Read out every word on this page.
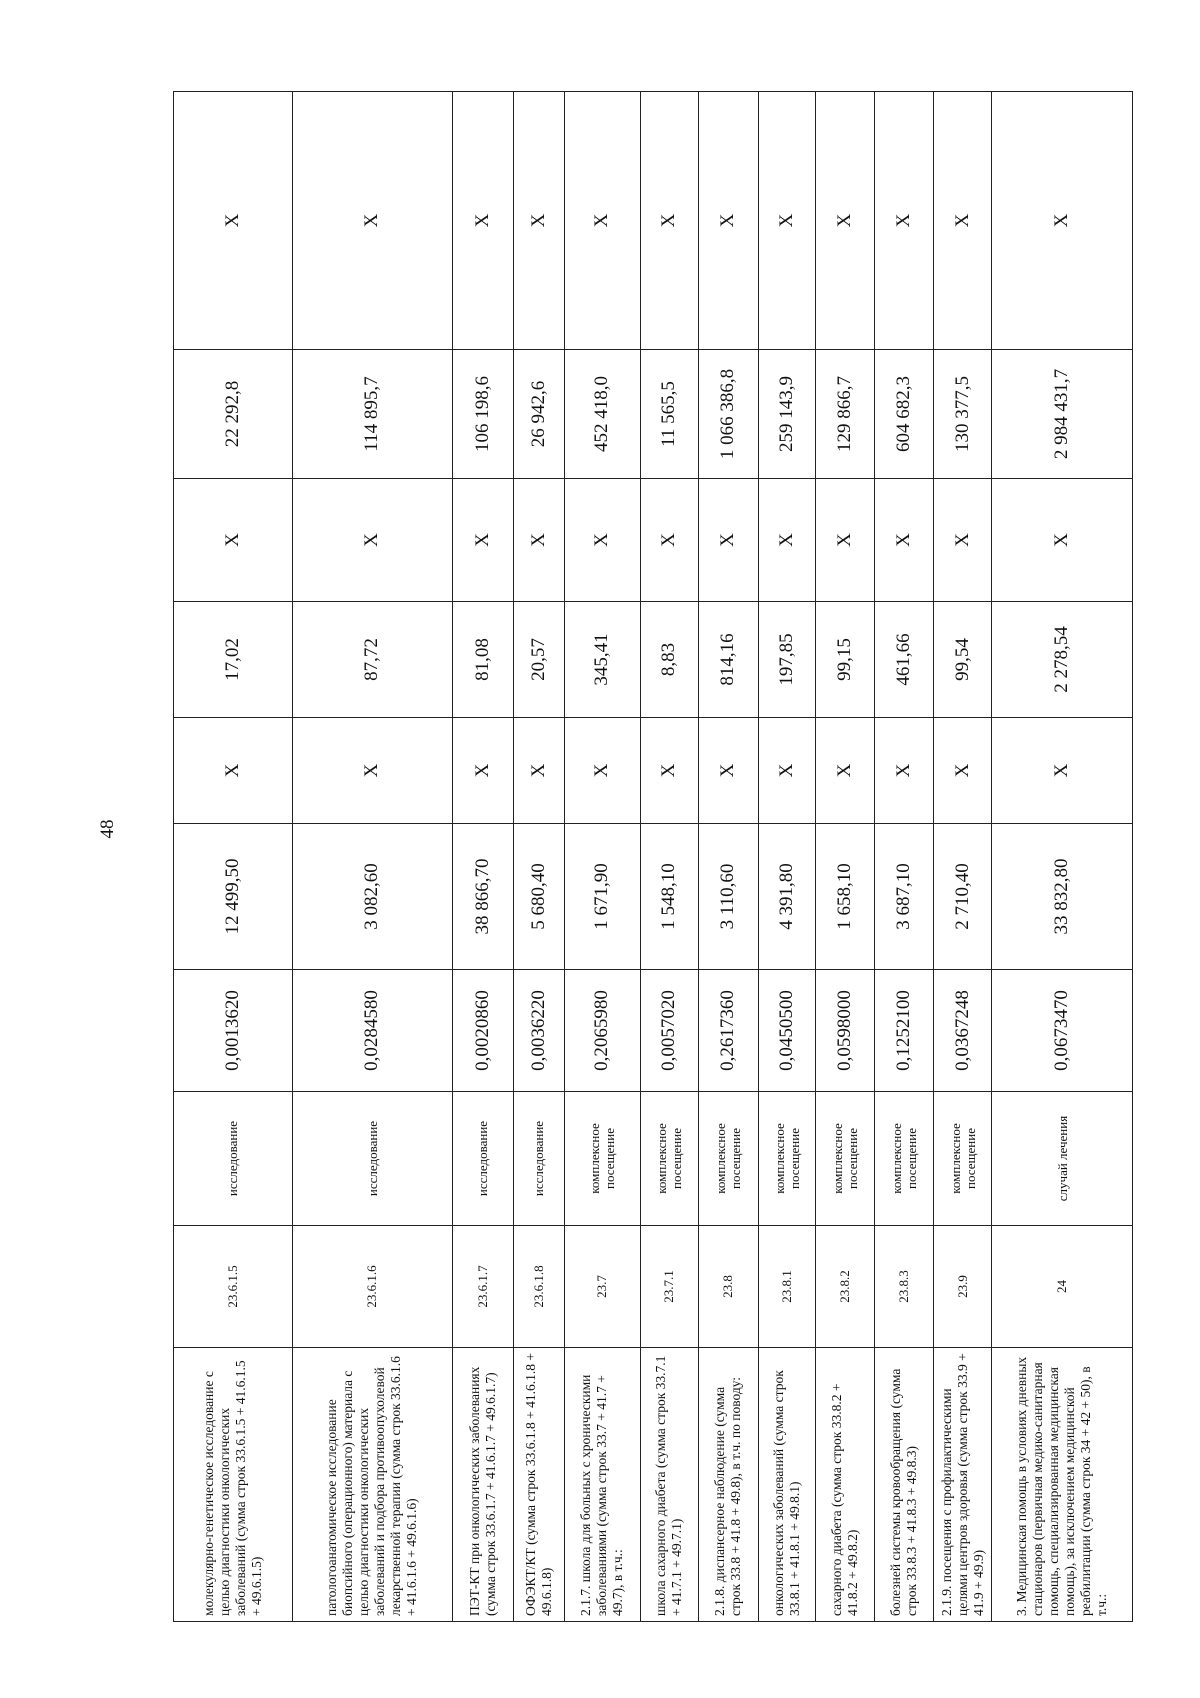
48
молекулярно-генетическое исследование с целью диагностики онкологических заболеваний (сумма строк 33.6.1.5 + 41.6.1.5 + 49.6.1.5)	23.6.1.5	исследование	0,0013620	12 499,50	X	17,02	X	22 292,8	X
патологоанатомическое исследование биопсийного (операционного) материала с целью диагностики онкологических заболеваний и подбора противоопухолевой лекарственной терапии (сумма строк 33.6.1.6 + 41.6.1.6 + 49.6.1.6)	23.6.1.6	исследование	0,0284580	3 082,60	X	87,72	X	114 895,7	X
ПЭТ-КТ при онкологических заболеваниях (сумма строк 33.6.1.7 + 41.6.1.7 + 49.6.1.7)	23.6.1.7	исследование	0,0020860	38 866,70	X	81,08	X	106 198,6	X
ОФЭКТ/КТ (сумма строк 33.6.1.8 + 41.6.1.8 + 49.6.1.8)	23.6.1.8	исследование	0,0036220	5 680,40	X	20,57	X	26 942,6	X
2.1.7. школа для больных с хроническими заболеваниями (сумма строк 33.7 + 41.7 + 49.7), в т.ч.:	23.7	комплексное посещение	0,2065980	1 671,90	X	345,41	X	452 418,0	X
школа сахарного диабета (сумма строк 33.7.1 + 41.7.1 + 49.7.1)	23.7.1	комплексное посещение	0,0057020	1 548,10	X	8,83	X	11 565,5	X
2.1.8. диспансерное наблюдение (сумма строк 33.8 + 41.8 + 49.8), в т.ч. по поводу:	23.8	комплексное посещение	0,2617360	3 110,60	X	814,16	X	1 066 386,8	X
онкологических заболеваний (сумма строк 33.8.1 + 41.8.1 + 49.8.1)	23.8.1	комплексное посещение	0,0450500	4 391,80	X	197,85	X	259 143,9	X
сахарного диабета (сумма строк 33.8.2 + 41.8.2 + 49.8.2)	23.8.2	комплексное посещение	0,0598000	1 658,10	X	99,15	X	129 866,7	X
болезней системы кровообращения (сумма строк 33.8.3 + 41.8.3 + 49.8.3)	23.8.3	комплексное посещение	0,1252100	3 687,10	X	461,66	X	604 682,3	X
2.1.9. посещения с профилактическими целями центров здоровья (сумма строк 33.9 + 41.9 + 49.9)	23.9	комплексное посещение	0,0367248	2 710,40	X	99,54	X	130 377,5	X
3. Медицинская помощь в условиях дневных стационаров (первичная медико-санитарная помощь, специализированная медицинская помощь), за исключением медицинской реабилитации (сумма строк 34 + 42 + 50), в т.ч.:	24	случай лечения	0,0673470	33 832,80	X	2 278,54	X	2 984 431,7	X
